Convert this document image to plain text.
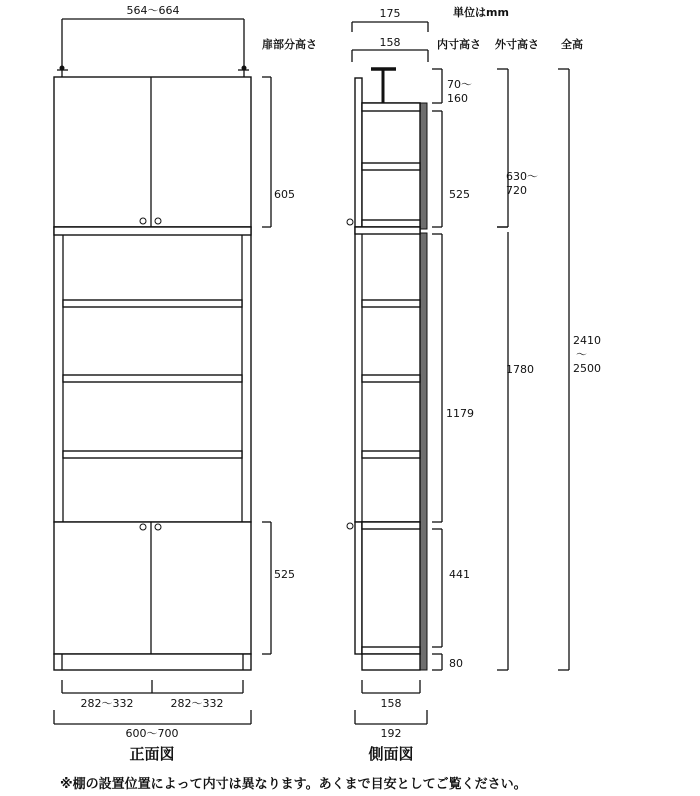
564～664
605
525
282～332	282～332
600～700
正面図
175
158
70～
160
525
1179
441
80
630～
720
1780
2410
～
2500
158
192
側面図
単位はmm
扉部分高さ	内寸高さ 外寸高さ 全高
※棚の設置位置によって内寸は異なります。あくまで目安としてご覧ください。
